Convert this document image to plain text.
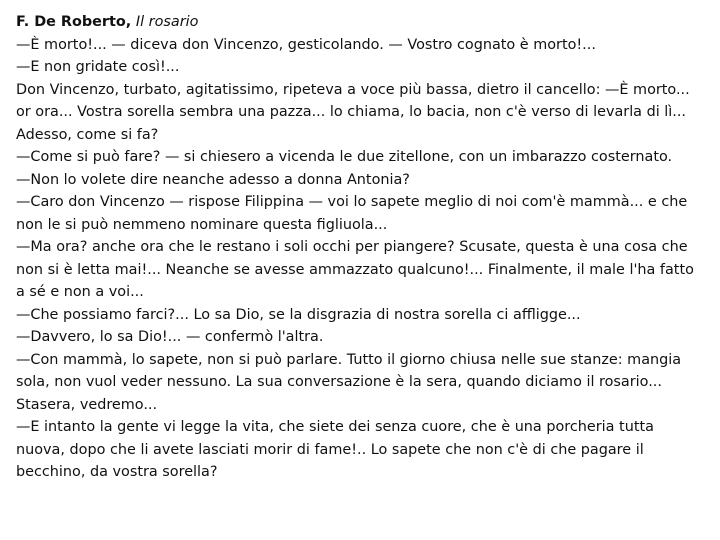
F. De Roberto, Il rosario

—È morto!... — diceva don Vincenzo, gesticolando. — Vostro cognato è morto!...

—E non gridate così!...

Don Vincenzo, turbato, agitatissimo, ripeteva a voce più bassa, dietro il cancello: —È morto...
or ora... Vostra sorella sembra una pazza... lo chiama, lo bacia, non c'è verso di levarla di lì...
Adesso, come si fa?

—Come si può fare? — si chiesero a vicenda le due zitellone, con un imbarazzo costernato.

—Non lo volete dire neanche adesso a donna Antonia?

—Caro don Vincenzo — rispose Filippina — voi lo sapete meglio di noi com'è mammà... e che
non le si può nemmeno nominare questa figliuola...

—Ma ora? anche ora che le restano i soli occhi per piangere? Scusate, questa è una cosa che
non si è letta mai!... Neanche se avesse ammazzato qualcuno!... Finalmente, il male l'ha fatto
a sé e non a voi...

—Che possiamo farci?... Lo sa Dio, se la disgrazia di nostra sorella ci affligge...

—Davvero, lo sa Dio!... — confermò l'altra.

—Con mammà, lo sapete, non si può parlare. Tutto il giorno chiusa nelle sue stanze: mangia
sola, non vuol veder nessuno. La sua conversazione è la sera, quando diciamo il rosario...
Stasera, vedremo...

—E intanto la gente vi legge la vita, che siete dei senza cuore, che è una porcheria tutta
nuova, dopo che li avete lasciati morir di fame!.. Lo sapete che non c'è di che pagare il
becchino, da vostra sorella?
